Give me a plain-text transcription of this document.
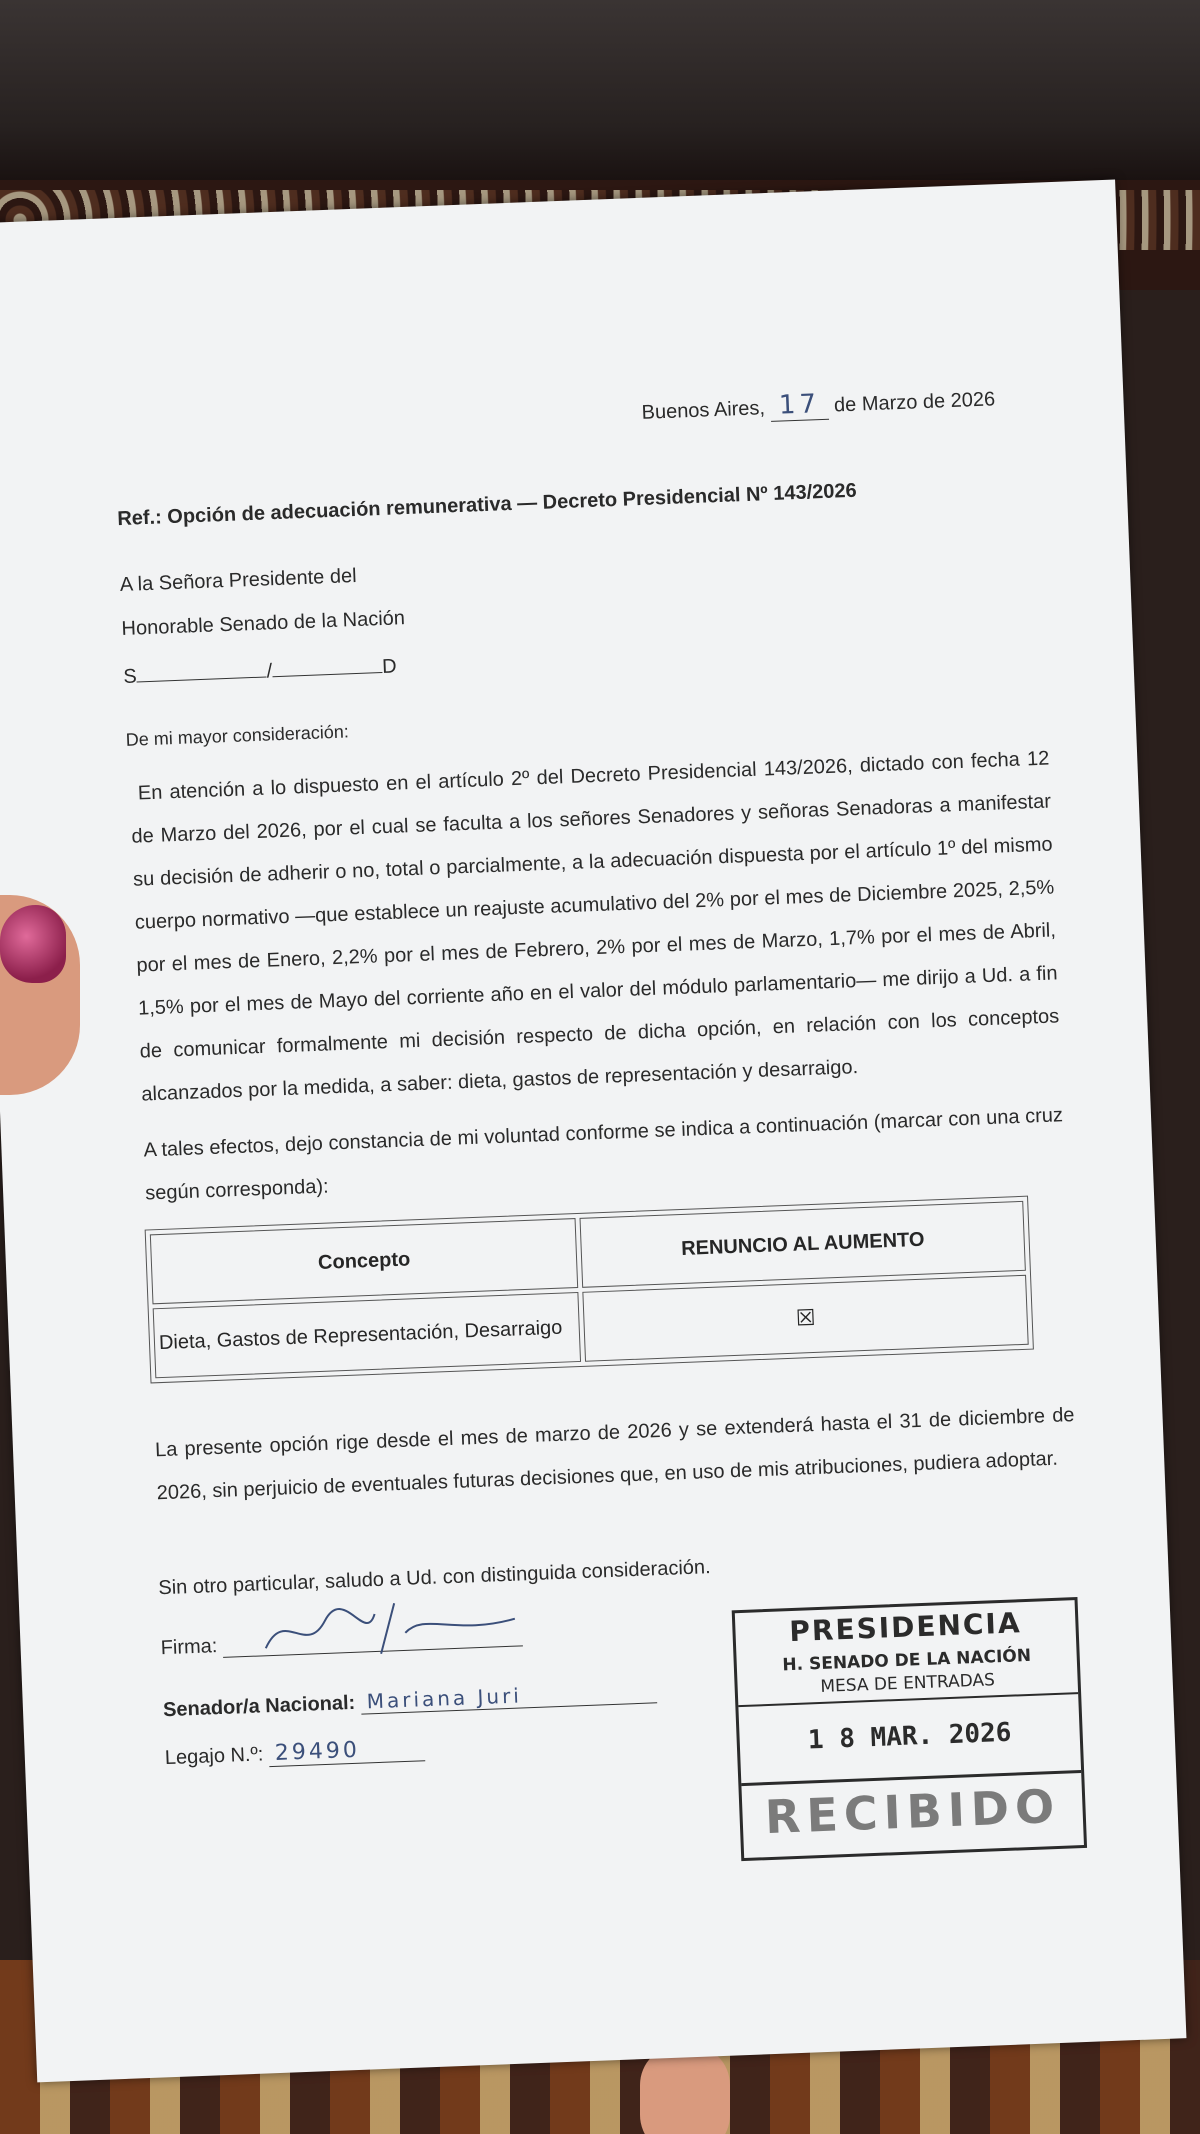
Buenos Aires, 17 de Marzo de 2026
Ref.: Opción de adecuación remunerativa — Decreto Presidencial Nº 143/2026
A la Señora Presidente del
Honorable Senado de la Nación
S	/	D
De mi mayor consideración:
En atención a lo dispuesto en el artículo 2º del Decreto Presidencial 143/2026, dictado con fecha 12 de Marzo del 2026, por el cual se faculta a los señores Senadores y señoras Senadoras a manifestar su decisión de adherir o no, total o parcialmente, a la adecuación dispuesta por el artículo 1º del mismo cuerpo normativo —que establece un reajuste acumulativo del 2% por el mes de Diciembre 2025, 2,5% por el mes de Enero, 2,2% por el mes de Febrero, 2% por el mes de Marzo, 1,7% por el mes de Abril, 1,5% por el mes de Mayo del corriente año en el valor del módulo parlamentario— me dirijo a Ud. a fin de comunicar formalmente mi decisión respecto de dicha opción, en relación con los conceptos alcanzados por la medida, a saber: dieta, gastos de representación y desarraigo.
A tales efectos, dejo constancia de mi voluntad conforme se indica a continuación (marcar con una cruz según corresponda):
Concepto	RENUNCIO AL AUMENTO
Dieta, Gastos de Representación, Desarraigo	☒
La presente opción rige desde el mes de marzo de 2026 y se extenderá hasta el 31 de diciembre de 2026, sin perjuicio de eventuales futuras decisiones que, en uso de mis atribuciones, pudiera adoptar.
Sin otro particular, saludo a Ud. con distinguida consideración.
Firma:
Senador/a Nacional: Mariana Juri
Legajo N.º: 29490
PRESIDENCIA
H. SENADO DE LA NACIÓN
MESA DE ENTRADAS
1 8 MAR. 2026
RECIBIDO
